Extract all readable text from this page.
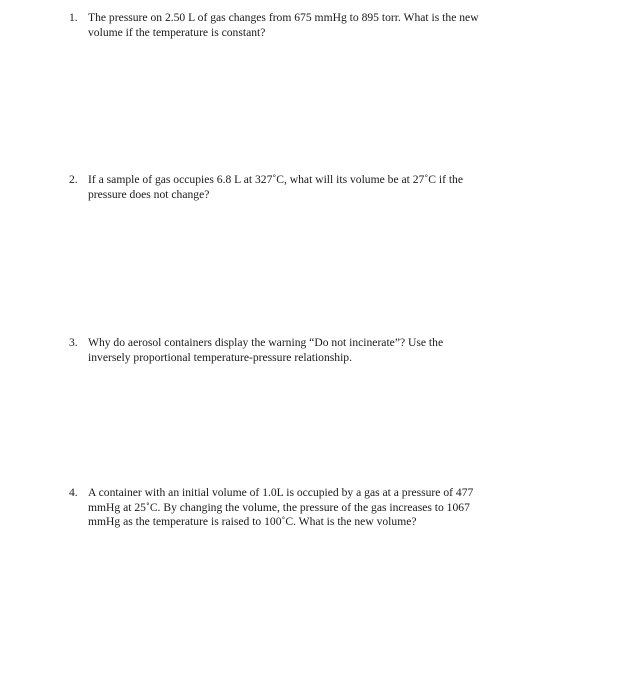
1. The pressure on 2.50 L of gas changes from 675 mmHg to 895 torr. What is the new
volume if the temperature is constant?
2. If a sample of gas occupies 6.8 L at 327˚C, what will its volume be at 27˚C if the
pressure does not change?
3. Why do aerosol containers display the warning “Do not incinerate”? Use the
inversely proportional temperature-pressure relationship.
4. A container with an initial volume of 1.0L is occupied by a gas at a pressure of 477
mmHg at 25˚C. By changing the volume, the pressure of the gas increases to 1067
mmHg as the temperature is raised to 100˚C. What is the new volume?
